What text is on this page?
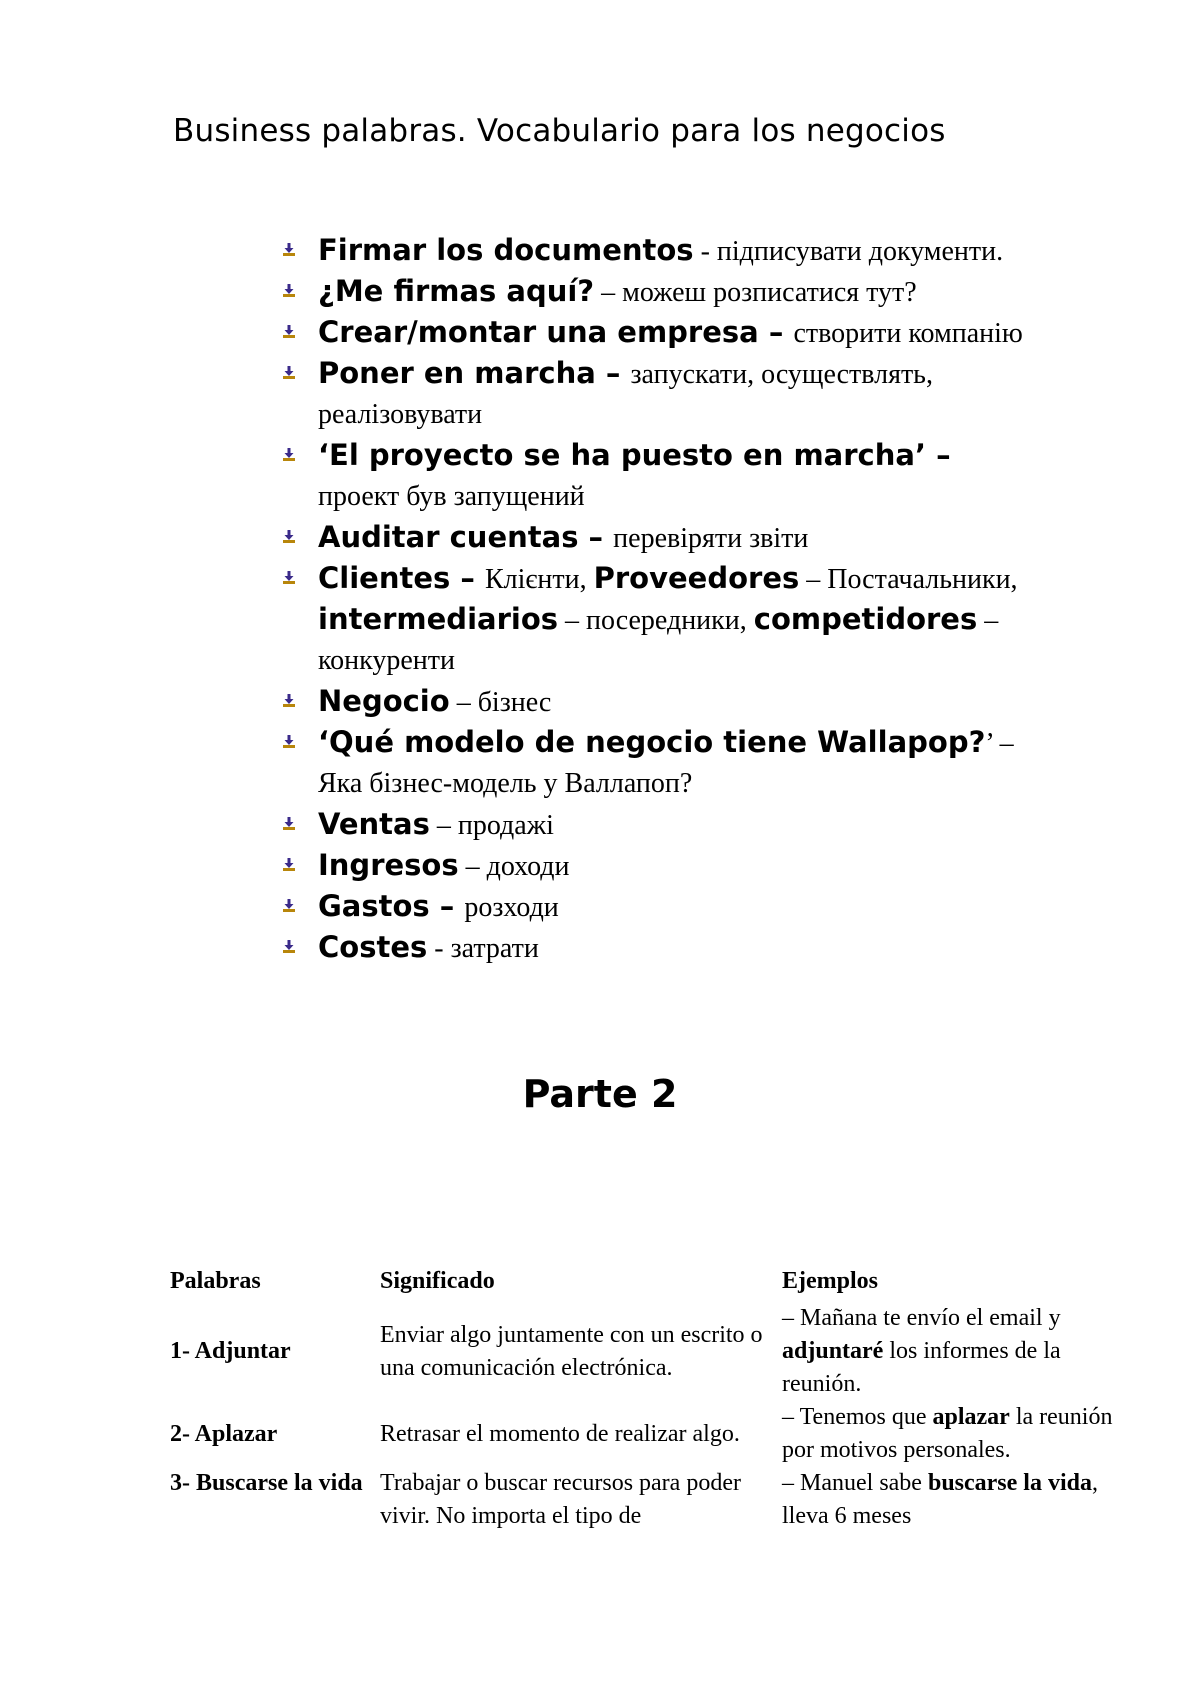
Business palabras. Vocabulario para los negocios
Firmar los documentos - підписувати документи.
¿Me firmas aquí? – можеш розписатися тут?
Crear/montar una empresa – створити компанію
Poner en marcha – запускати, осуществлять,
реалізовувати
‘El proyecto se ha puesto en marcha’ –
проект був запущений
Auditar cuentas – перевіряти звіти
Clientes – Клієнти, Proveedores – Постачальники,
intermediarios – посередники, competidores –
конкуренти
Negocio – бізнес
‘Qué modelo de negocio tiene Wallapop?’ –
Яка бізнес-модель у Валлапоп?
Ventas – продажі
Ingresos – доходи
Gastos – розходи
Costes - затрати
Parte 2
Palabras	Significado	Ejemplos
1- Adjuntar	Enviar algo juntamente con un escrito o una comunicación electrónica.	– Mañana te envío el email y adjuntaré los informes de la reunión.
2- Aplazar	Retrasar el momento de realizar algo.	– Tenemos que aplazar la reunión por motivos personales.
3- Buscarse la vida	Trabajar o buscar recursos para poder vivir. No importa el tipo de	– Manuel sabe buscarse la vida, lleva 6 meses
